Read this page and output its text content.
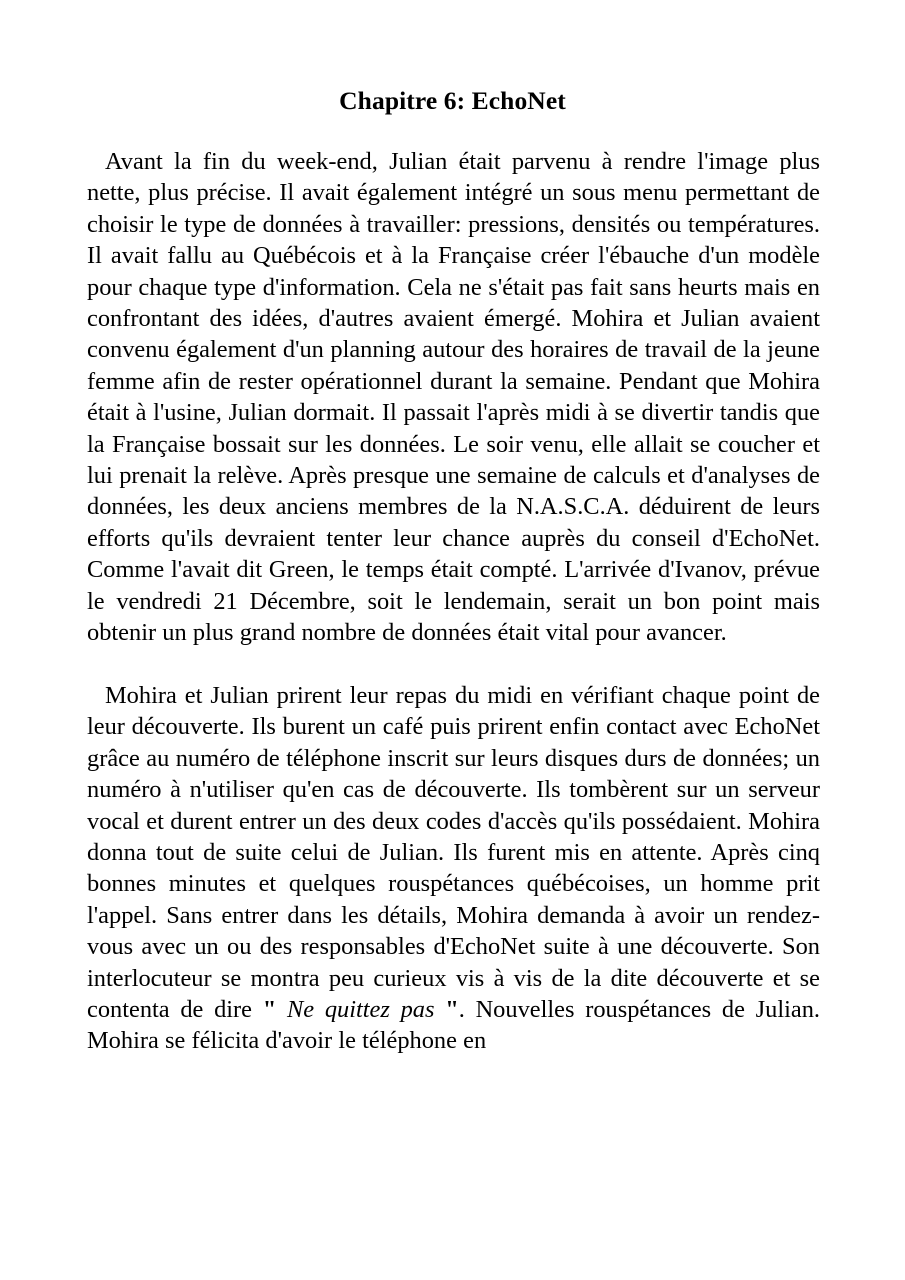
Chapitre 6: EchoNet

Avant la fin du week-end, Julian était parvenu à rendre l'image plus nette, plus précise. Il avait également intégré un sous menu permettant de choisir le type de données à travailler: pressions, densités ou températures. Il avait fallu au Québécois et à la Française créer l'ébauche d'un modèle pour chaque type d'information. Cela ne s'était pas fait sans heurts mais en confrontant des idées, d'autres avaient émergé. Mohira et Julian avaient convenu également d'un planning autour des horaires de travail de la jeune femme afin de rester opérationnel durant la semaine. Pendant que Mohira était à l'usine, Julian dormait. Il passait l'après midi à se divertir tandis que la Française bossait sur les données. Le soir venu, elle allait se coucher et lui prenait la relève. Après presque une semaine de calculs et d'analyses de données, les deux anciens membres de la N.A.S.C.A. déduirent de leurs efforts qu'ils devraient tenter leur chance auprès du conseil d'EchoNet. Comme l'avait dit Green, le temps était compté. L'arrivée d'Ivanov, prévue le vendredi 21 Décembre, soit le lendemain, serait un bon point mais obtenir un plus grand nombre de données était vital pour avancer.

Mohira et Julian prirent leur repas du midi en vérifiant chaque point de leur découverte. Ils burent un café puis prirent enfin contact avec EchoNet grâce au numéro de téléphone inscrit sur leurs disques durs de données; un numéro à n'utiliser qu'en cas de découverte. Ils tombèrent sur un serveur vocal et durent entrer un des deux codes d'accès qu'ils possédaient. Mohira donna tout de suite celui de Julian. Ils furent mis en attente. Après cinq bonnes minutes et quelques rouspétances québécoises, un homme prit l'appel. Sans entrer dans les détails, Mohira demanda à avoir un rendez-vous avec un ou des responsables d'EchoNet suite à une découverte. Son interlocuteur se montra peu curieux vis à vis de la dite découverte et se contenta de dire " Ne quittez pas ". Nouvelles rouspétances de Julian. Mohira se félicita d'avoir le téléphone en
